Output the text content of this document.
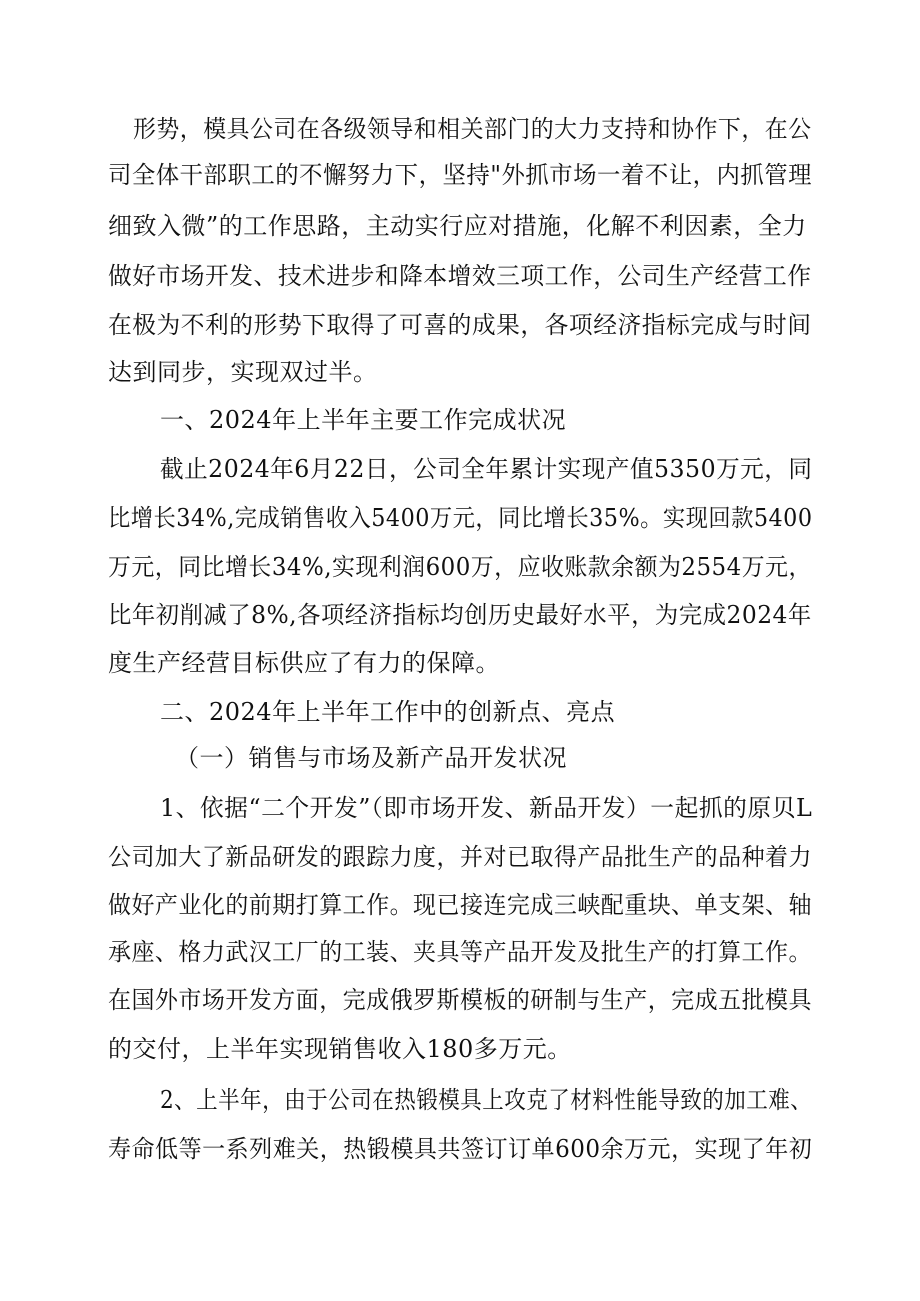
形势，模具公司在各级领导和相关部门的大力支持和协作下，在公
司全体干部职工的不懈努力下，坚持"外抓市场一着不让，内抓管理
细致入微”的工作思路，主动实行应对措施，化解不利因素，全力
做好市场开发、技术进步和降本增效三项工作，公司生产经营工作
在极为不利的形势下取得了可喜的成果，各项经济指标完成与时间
达到同步，实现双过半。
一、2024年上半年主要工作完成状况
截止2024年6月22日，公司全年累计实现产值5350万元，同
比增长34%,完成销售收入5400万元，同比增长35%。实现回款5400
万元，同比增长34%,实现利润600万，应收账款余额为2554万元，
比年初削减了8%,各项经济指标均创历史最好水平，为完成2024年
度生产经营目标供应了有力的保障。
二、2024年上半年工作中的创新点、亮点
（一）销售与市场及新产品开发状况
1、依据“二个开发”（即市场开发、新品开发）一起抓的原贝L
公司加大了新品研发的跟踪力度，并对已取得产品批生产的品种着力
做好产业化的前期打算工作。现已接连完成三峡配重块、单支架、轴
承座、格力武汉工厂的工装、夹具等产品开发及批生产的打算工作。
在国外市场开发方面，完成俄罗斯模板的研制与生产，完成五批模具
的交付，上半年实现销售收入180多万元。
2、上半年，由于公司在热锻模具上攻克了材料性能导致的加工难、
寿命低等一系列难关，热锻模具共签订订单600余万元，实现了年初
